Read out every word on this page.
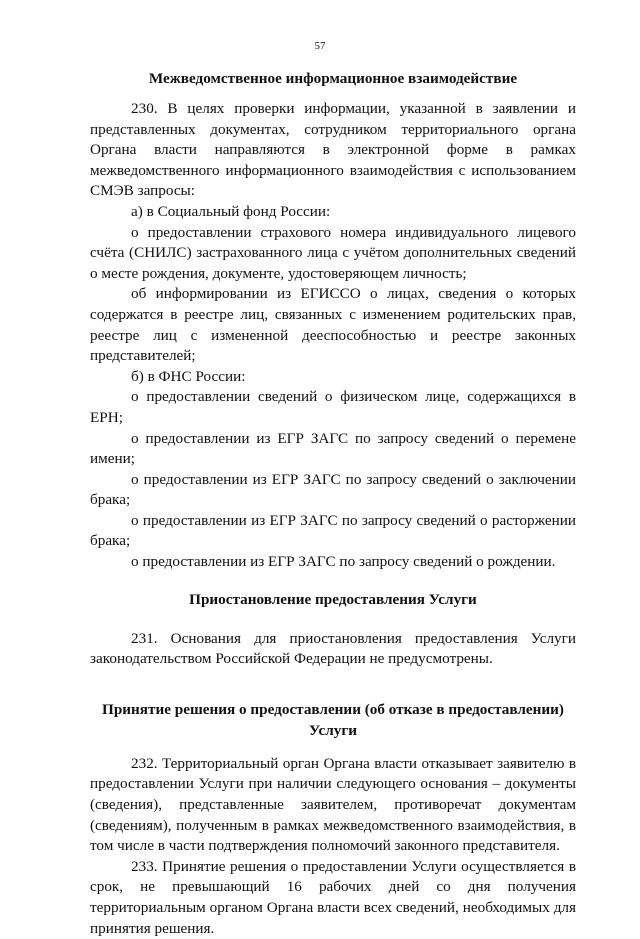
57
Межведомственное информационное взаимодействие

230. В целях проверки информации, указанной в заявлении и представленных документах, сотрудником территориального органа Органа власти направляются в электронной форме в рамках межведомственного информационного взаимодействия с использованием СМЭВ запросы:

а) в Социальный фонд России:

о предоставлении страхового номера индивидуального лицевого счёта (СНИЛС) застрахованного лица с учётом дополнительных сведений о месте рождения, документе, удостоверяющем личность;

об информировании из ЕГИССО о лицах, сведения о которых содержатся в реестре лиц, связанных с изменением родительских прав, реестре лиц с измененной дееспособностью и реестре законных представителей;

б) в ФНС России:

о предоставлении сведений о физическом лице, содержащихся в ЕРН;

о предоставлении из ЕГР ЗАГС по запросу сведений о перемене имени;

о предоставлении из ЕГР ЗАГС по запросу сведений о заключении брака;

о предоставлении из ЕГР ЗАГС по запросу сведений о расторжении брака;

о предоставлении из ЕГР ЗАГС по запросу сведений о рождении.

Приостановление предоставления Услуги

231. Основания для приостановления предоставления Услуги законодательством Российской Федерации не предусмотрены.

Принятие решения о предоставлении (об отказе в предоставлении)
Услуги

232. Территориальный орган Органа власти отказывает заявителю в предоставлении Услуги при наличии следующего основания – документы (сведения), представленные заявителем, противоречат документам (сведениям), полученным в рамках межведомственного взаимодействия, в том числе в части подтверждения полномочий законного представителя.

233. Принятие решения о предоставлении Услуги осуществляется в срок, не превышающий 16 рабочих дней со дня получения территориальным органом Органа власти всех сведений, необходимых для принятия решения.
